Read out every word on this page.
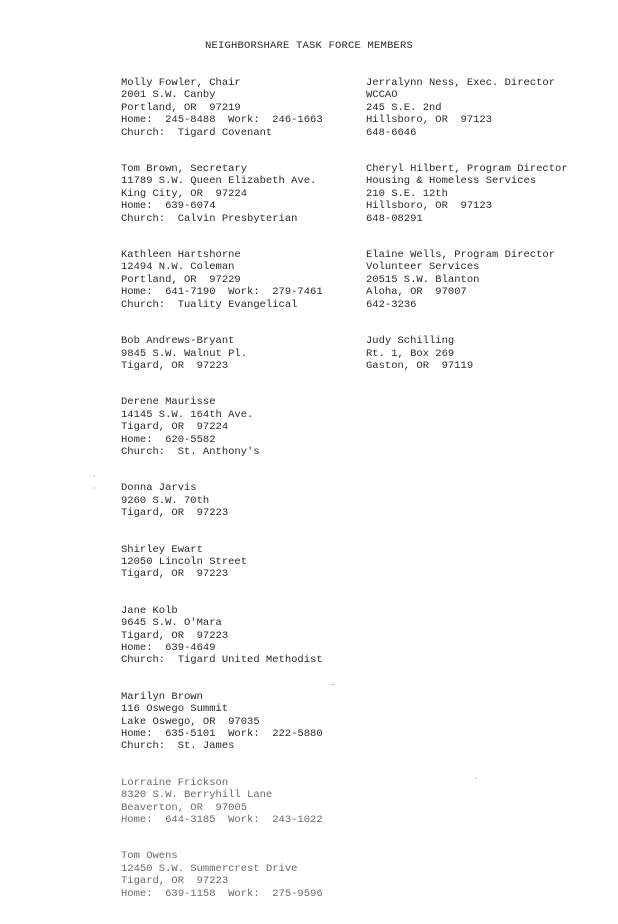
NEIGHBORSHARE TASK FORCE MEMBERS
Molly Fowler, Chair
2001 S.W. Canby
Portland, OR  97219
Home:  245-8488  Work:  246-1663
Church:  Tigard Covenant
Tom Brown, Secretary
11789 S.W. Queen Elizabeth Ave.
King City, OR  97224
Home:  639-6074
Church:  Calvin Presbyterian
Kathleen Hartshorne
12494 N.W. Coleman
Portland, OR  97229
Home:  641-7190  Work:  279-7461
Church:  Tuality Evangelical
Bob Andrews-Bryant
9845 S.W. Walnut Pl.
Tigard, OR  97223
Derene Maurisse
14145 S.W. 164th Ave.
Tigard, OR  97224
Home:  620-5582
Church:  St. Anthony's
Donna Jarvis
9260 S.W. 70th
Tigard, OR  97223
Shirley Ewart
12050 Lincoln Street
Tigard, OR  97223
Jane Kolb
9645 S.W. O'Mara
Tigard, OR  97223
Home:  639-4649
Church:  Tigard United Methodist
Marilyn Brown
116 Oswego Summit
Lake Oswego, OR  97035
Home:  635-5101  Work:  222-5880
Church:  St. James
Lorraine Frickson
8320 S.W. Berryhill Lane
Beaverton, OR  97005
Home:  644-3185  Work:  243-1022
Tom Owens
12450 S.W. Summercrest Drive
Tigard, OR  97223
Home:  639-1158  Work:  275-9596
Jerralynn Ness, Exec. Director
WCCAO
245 S.E. 2nd
Hillsboro, OR  97123
648-6646
Cheryl Hilbert, Program Director
Housing & Homeless Services
210 S.E. 12th
Hillsboro, OR  97123
648-08291
Elaine Wells, Program Director
Volunteer Services
20515 S.W. Blanton
Aloha, OR  97007
642-3236
Judy Schilling
Rt. 1, Box 269
Gaston, OR  97119
·
·
→
·
